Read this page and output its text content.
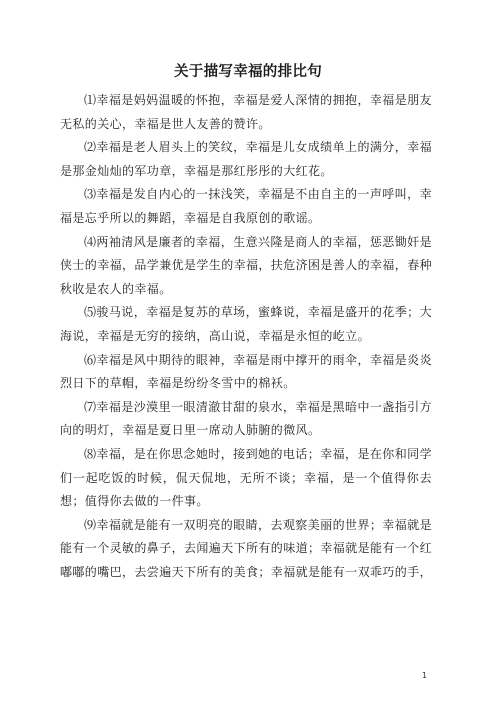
关于描写幸福的排比句

⑴幸福是妈妈温暖的怀抱，幸福是爱人深情的拥抱，幸福是朋友无私的关心，幸福是世人友善的赞许。

⑵幸福是老人眉头上的笑纹，幸福是儿女成绩单上的满分，幸福是那金灿灿的军功章，幸福是那红彤彤的大红花。

⑶幸福是发自内心的一抹浅笑，幸福是不由自主的一声呼叫，幸福是忘乎所以的舞蹈，幸福是自我原创的歌谣。

⑷两袖清风是廉者的幸福，生意兴隆是商人的幸福，惩恶锄奸是侠士的幸福，品学兼优是学生的幸福，扶危济困是善人的幸福，春种秋收是农人的幸福。

⑸骏马说，幸福是复苏的草场，蜜蜂说，幸福是盛开的花季；大海说，幸福是无穷的接纳，高山说，幸福是永恒的屹立。

⑹幸福是风中期待的眼神，幸福是雨中撑开的雨伞，幸福是炎炎烈日下的草帽，幸福是纷纷冬雪中的棉袄。

⑺幸福是沙漠里一眼清澈甘甜的泉水，幸福是黑暗中一盏指引方向的明灯，幸福是夏日里一席动人肺腑的微风。

⑻幸福，是在你思念她时，接到她的电话；幸福，是在你和同学们一起吃饭的时候，侃天侃地，无所不谈；幸福，是一个值得你去想；值得你去做的一件事。

⑼幸福就是能有一双明亮的眼睛，去观察美丽的世界；幸福就是能有一个灵敏的鼻子，去闻遍天下所有的味道；幸福就是能有一个红嘟嘟的嘴巴，去尝遍天下所有的美食；幸福就是能有一双乖巧的手，

1
